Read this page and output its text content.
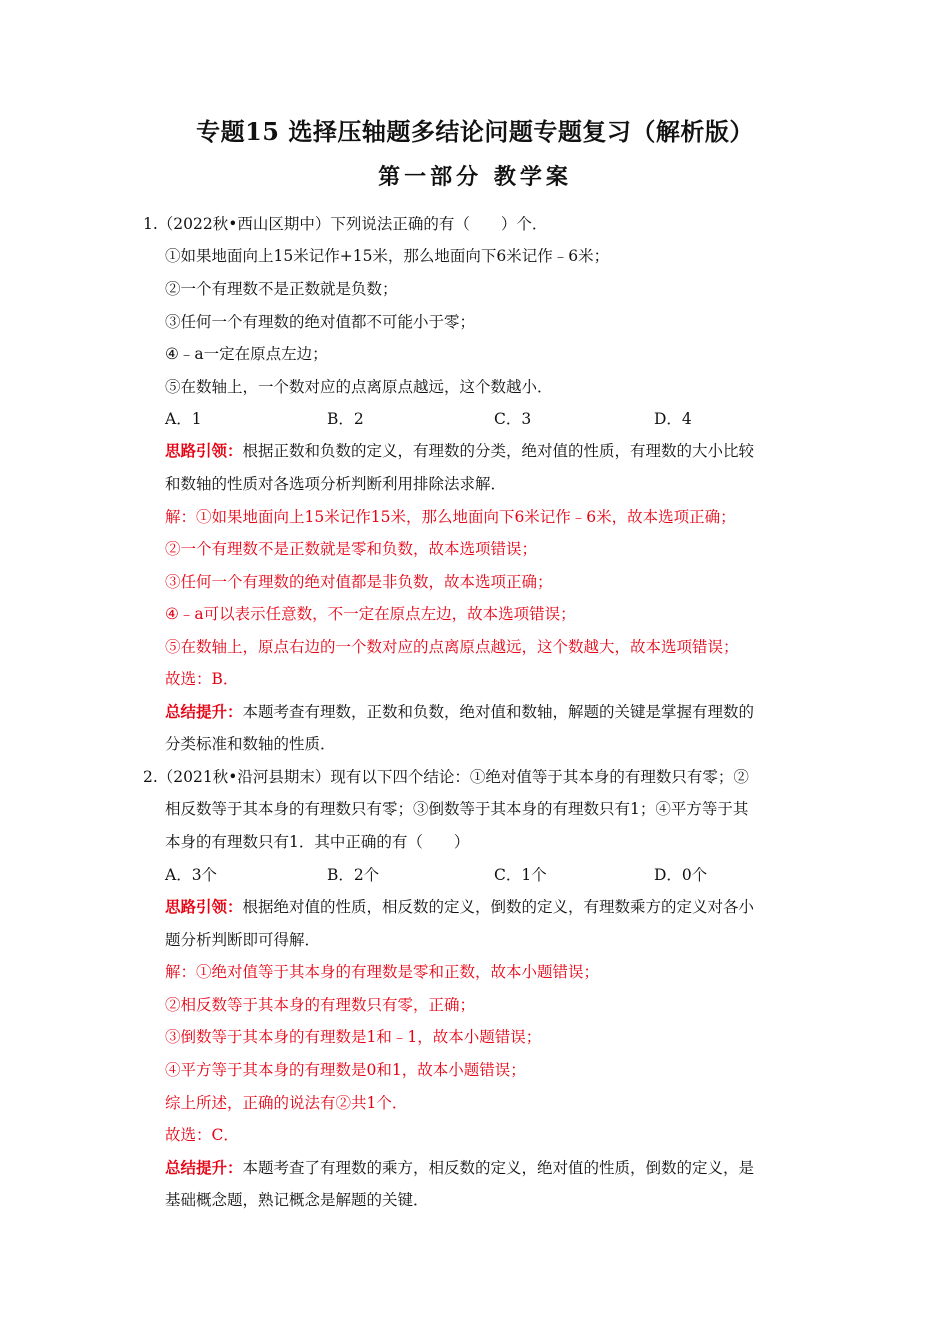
专题15 选择压轴题多结论问题专题复习（解析版）
第一部分 教学案
1.（2022秋•西山区期中）下列说法正确的有（　　）个．
①如果地面向上15米记作+15米，那么地面向下6米记作﹣6米；
②一个有理数不是正数就是负数；
③任何一个有理数的绝对值都不可能小于零；
④﹣a一定在原点左边；
⑤在数轴上，一个数对应的点离原点越远，这个数越小．
A．1	B．2	C．3	D．4
思路引领：根据正数和负数的定义，有理数的分类，绝对值的性质，有理数的大小比较
和数轴的性质对各选项分析判断利用排除法求解．
解：①如果地面向上15米记作15米，那么地面向下6米记作﹣6米，故本选项正确；
②一个有理数不是正数就是零和负数，故本选项错误；
③任何一个有理数的绝对值都是非负数，故本选项正确；
④﹣a可以表示任意数，不一定在原点左边，故本选项错误；
⑤在数轴上，原点右边的一个数对应的点离原点越远，这个数越大，故本选项错误；
故选：B．
总结提升：本题考查有理数，正数和负数，绝对值和数轴，解题的关键是掌握有理数的
分类标准和数轴的性质．
2.（2021秋•沿河县期末）现有以下四个结论：①绝对值等于其本身的有理数只有零；②
相反数等于其本身的有理数只有零；③倒数等于其本身的有理数只有1；④平方等于其
本身的有理数只有1．其中正确的有（　　）
A．3个	B．2个	C．1个	D．0个
思路引领：根据绝对值的性质，相反数的定义，倒数的定义，有理数乘方的定义对各小
题分析判断即可得解．
解：①绝对值等于其本身的有理数是零和正数，故本小题错误；
②相反数等于其本身的有理数只有零，正确；
③倒数等于其本身的有理数是1和﹣1，故本小题错误；
④平方等于其本身的有理数是0和1，故本小题错误；
综上所述，正确的说法有②共1个．
故选：C．
总结提升：本题考查了有理数的乘方，相反数的定义，绝对值的性质，倒数的定义，是
基础概念题，熟记概念是解题的关键．
